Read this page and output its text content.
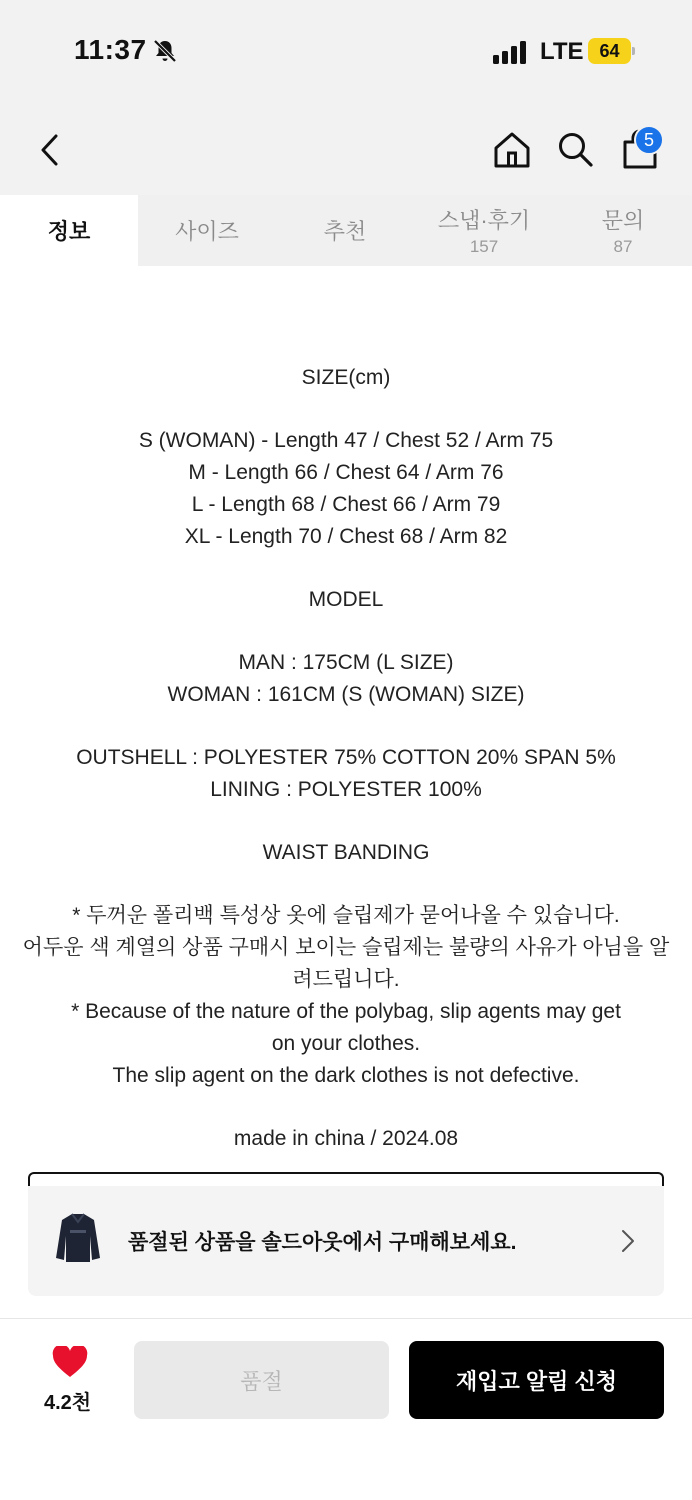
11:37	LTE 64
5
정보	사이즈	추천	스냅·후기
157
문의
87

SIZE(cm)

S (WOMAN) - Length 47 / Chest 52 / Arm 75

M - Length 66 / Chest 64 / Arm 76

L - Length 68 / Chest 66 / Arm 79

XL - Length 70 / Chest 68 / Arm 82

MODEL

MAN : 175CM (L SIZE)

WOMAN : 161CM (S (WOMAN) SIZE)

OUTSHELL : POLYESTER 75% COTTON 20% SPAN 5%

LINING : POLYESTER 100%

WAIST BANDING

* 두꺼운 폴리백 특성상 옷에 슬립제가 묻어나올 수 있습니다.

어두운 색 계열의 상품 구매시 보이는 슬립제는 불량의 사유가 아님을 알

려드립니다.

* Because of the nature of the polybag, slip agents may get

on your clothes.

The slip agent on the dark clothes is not defective.

made in china / 2024.08

품절된 상품을 솔드아웃에서 구매해보세요.
4.2천
품절	재입고 알림 신청
